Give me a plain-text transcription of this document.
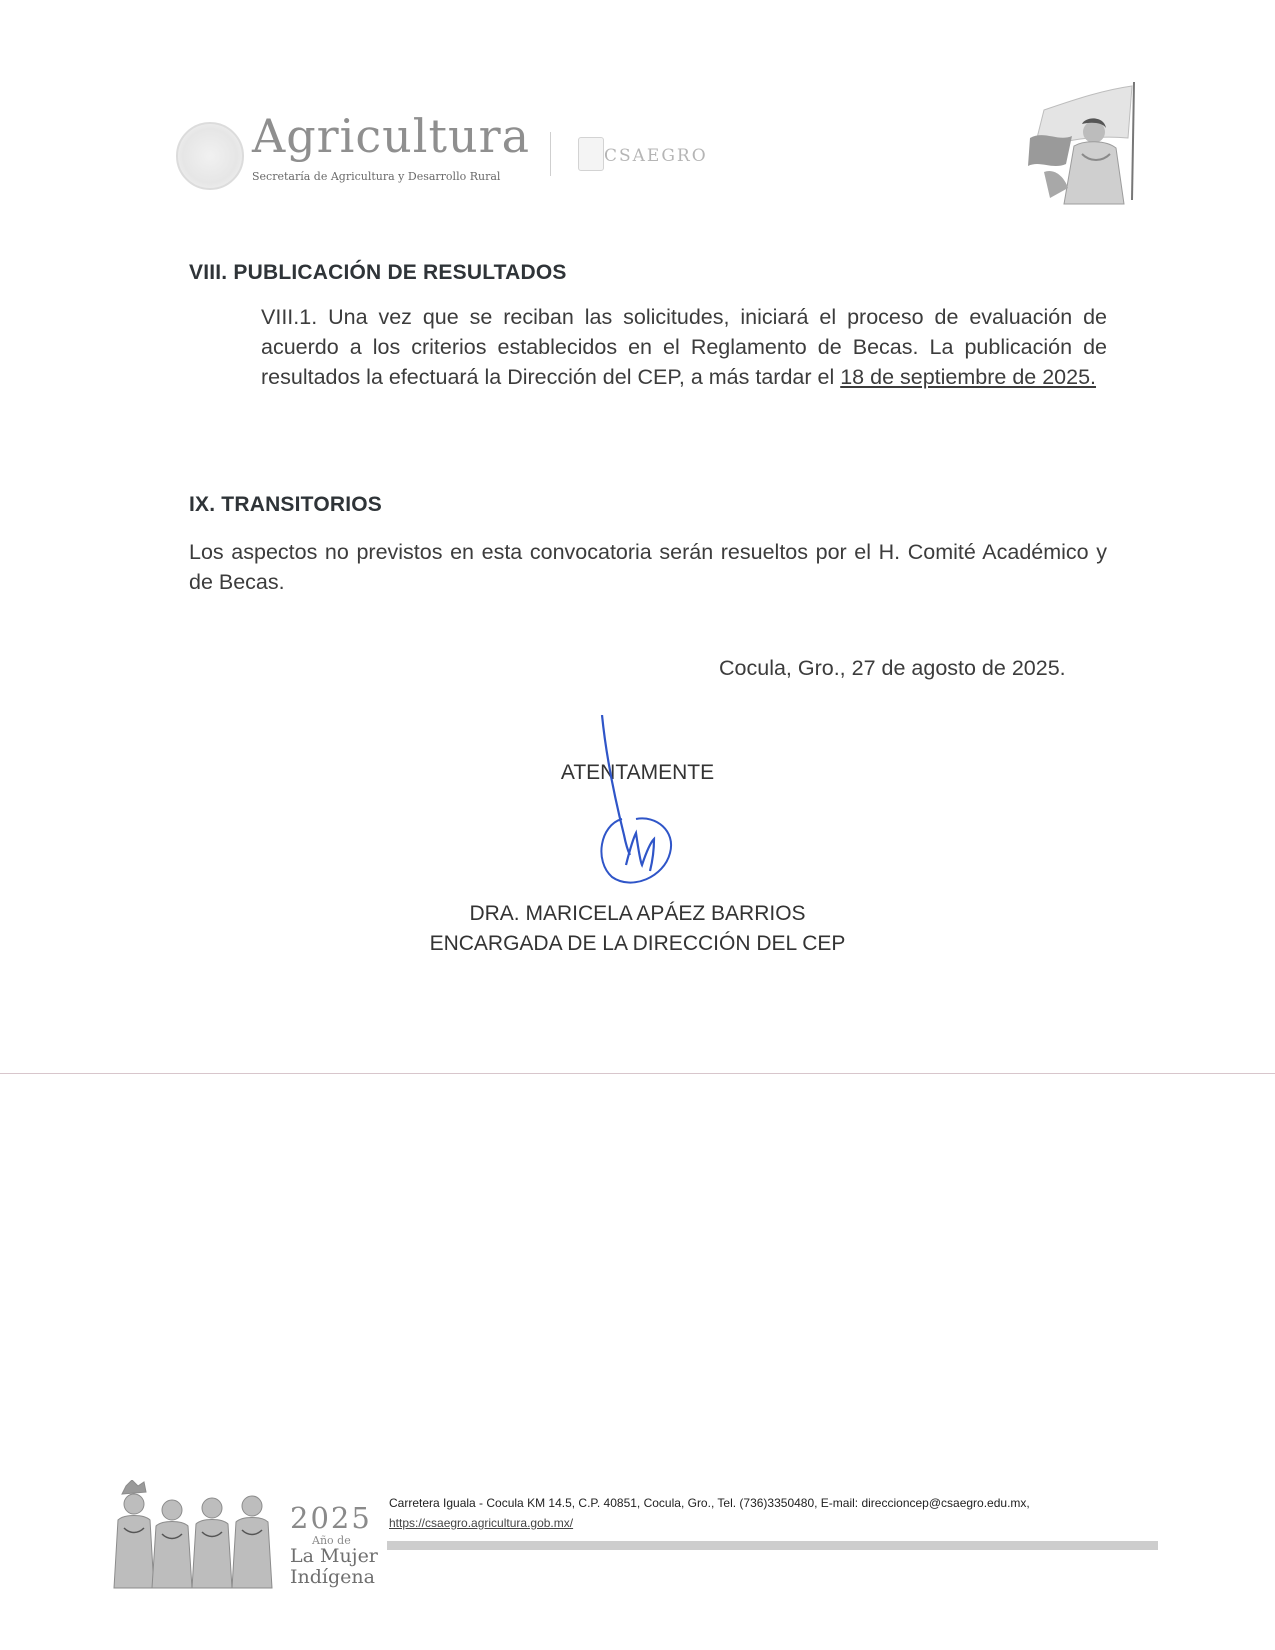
Agricultura
Secretaría de Agricultura y Desarrollo Rural
CSAEGRO
VIII. PUBLICACIÓN DE RESULTADOS
VIII.1. Una vez que se reciban las solicitudes, iniciará el proceso de evaluación de acuerdo a los criterios establecidos en el Reglamento de Becas. La publicación de resultados la efectuará la Dirección del CEP, a más tardar el 18 de septiembre de 2025.
IX. TRANSITORIOS
Los aspectos no previstos en esta convocatoria serán resueltos por el H. Comité Académico y de Becas.
Cocula, Gro., 27 de agosto de 2025.
ATENTAMENTE
DRA. MARICELA APÁEZ BARRIOS
ENCARGADA DE LA DIRECCIÓN DEL CEP
2025
Año de
La Mujer
Indígena
Carretera Iguala - Cocula KM 14.5, C.P. 40851, Cocula, Gro., Tel. (736)3350480, E-mail: direccioncep@csaegro.edu.mx,
https://csaegro.agricultura.gob.mx/
